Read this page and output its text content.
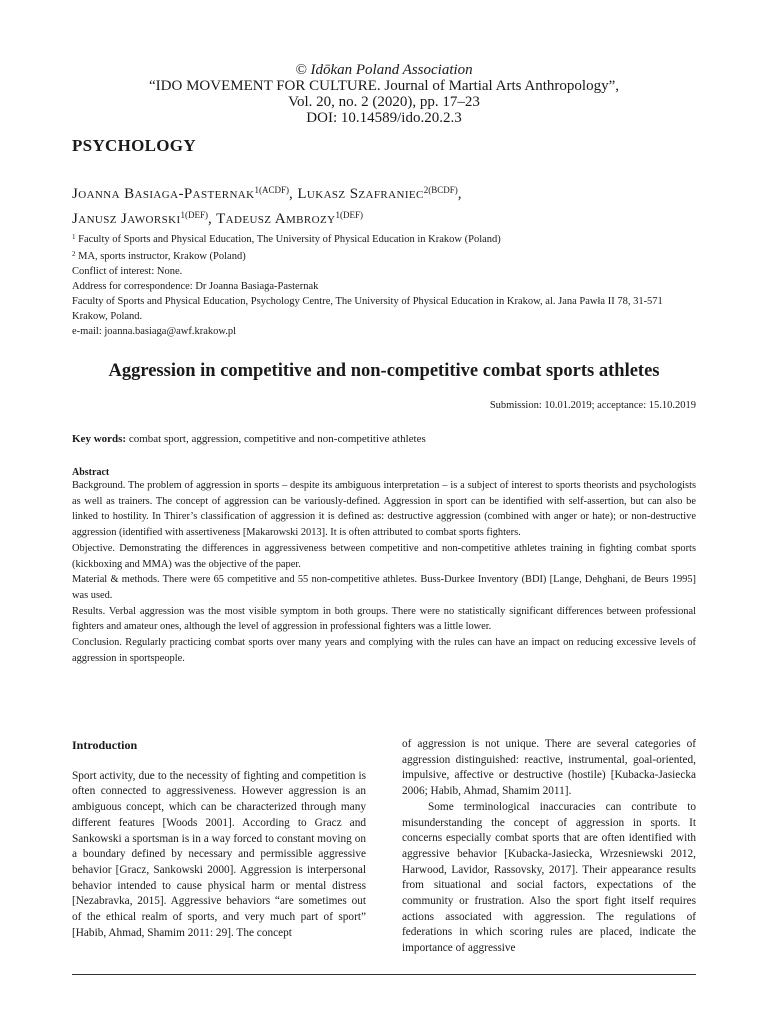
© Idōkan Poland Association
“IDO MOVEMENT FOR CULTURE. Journal of Martial Arts Anthropology”,
Vol. 20, no. 2 (2020), pp. 17–23
DOI: 10.14589/ido.20.2.3
PSYCHOLOGY
Joanna Basiaga-Pasternak$^{1(ACDF)}$, Lukasz Szafraniec$^{2(BCDF)}$,
Janusz Jaworski$^{1(DEF)}$, Tadeusz Ambrozy$^{1(DEF)}$
$^1$ Faculty of Sports and Physical Education, The University of Physical Education in Krakow (Poland)
$^2$ MA, sports instructor, Krakow (Poland)
Conflict of interest: None.
Address for correspondence: Dr Joanna Basiaga-Pasternak
Faculty of Sports and Physical Education, Psychology Centre, The University of Physical Education in Krakow, al. Jana Pawła II 78, 31-571 Krakow, Poland.
e-mail: joanna.basiaga@awf.krakow.pl
Aggression in competitive and non-competitive combat sports athletes
Submission: 10.01.2019; acceptance: 15.10.2019
Key words: combat sport, aggression, competitive and non-competitive athletes
Abstract

Background. The problem of aggression in sports – despite its ambiguous interpretation – is a subject of interest to sports theorists and psychologists as well as trainers. The concept of aggression can be variously-defined. Aggression in sport can be identified with self-assertion, but can also be linked to hostility. In Thirer’s classification of aggression it is defined as: destructive aggression (combined with anger or hate); or non-destructive aggression (identified with assertiveness [Makarowski 2013]. It is often attributed to combat sports fighters.

Objective. Demonstrating the differences in aggressiveness between competitive and non-competitive athletes training in fighting combat sports (kickboxing and MMA) was the objective of the paper.

Material & methods. There were 65 competitive and 55 non-competitive athletes. Buss-Durkee Inventory (BDI) [Lange, Dehghani, de Beurs 1995] was used.

Results. Verbal aggression was the most visible symptom in both groups. There were no statistically significant differences between professional fighters and amateur ones, although the level of aggression in professional fighters was a little lower.

Conclusion. Regularly practicing combat sports over many years and complying with the rules can have an impact on reducing excessive levels of aggression in sportspeople.

Introduction

Sport activity, due to the necessity of fighting and competition is often connected to aggressiveness. However aggression is an ambiguous concept, which can be characterized through many different features [Woods 2001]. According to Gracz and Sankowski a sportsman is in a way forced to constant moving on a boundary defined by necessary and permissible aggressive behavior [Gracz, Sankowski 2000]. Aggression is interpersonal behavior intended to cause physical harm or mental distress [Nezabravka, 2015]. Aggressive behaviors “are sometimes out of the ethical realm of sports, and very much part of sport” [Habib, Ahmad, Shamim 2011: 29]. The concept

of aggression is not unique. There are several categories of aggression distinguished: reactive, instrumental, goal-oriented, impulsive, affective or destructive (hostile) [Kubacka-Jasiecka 2006; Habib, Ahmad, Shamim 2011].

Some terminological inaccuracies can contribute to misunderstanding the concept of aggression in sports. It concerns especially combat sports that are often identified with aggressive behavior [Kubacka-Jasiecka, Wrzesniewski 2012, Harwood, Lavidor, Rassovsky, 2017]. Their appearance results from situational and social factors, expectations of the community or frustration. Also the sport fight itself requires actions associated with aggression. The regulations of federations in which scoring rules are placed, indicate the importance of aggressive
